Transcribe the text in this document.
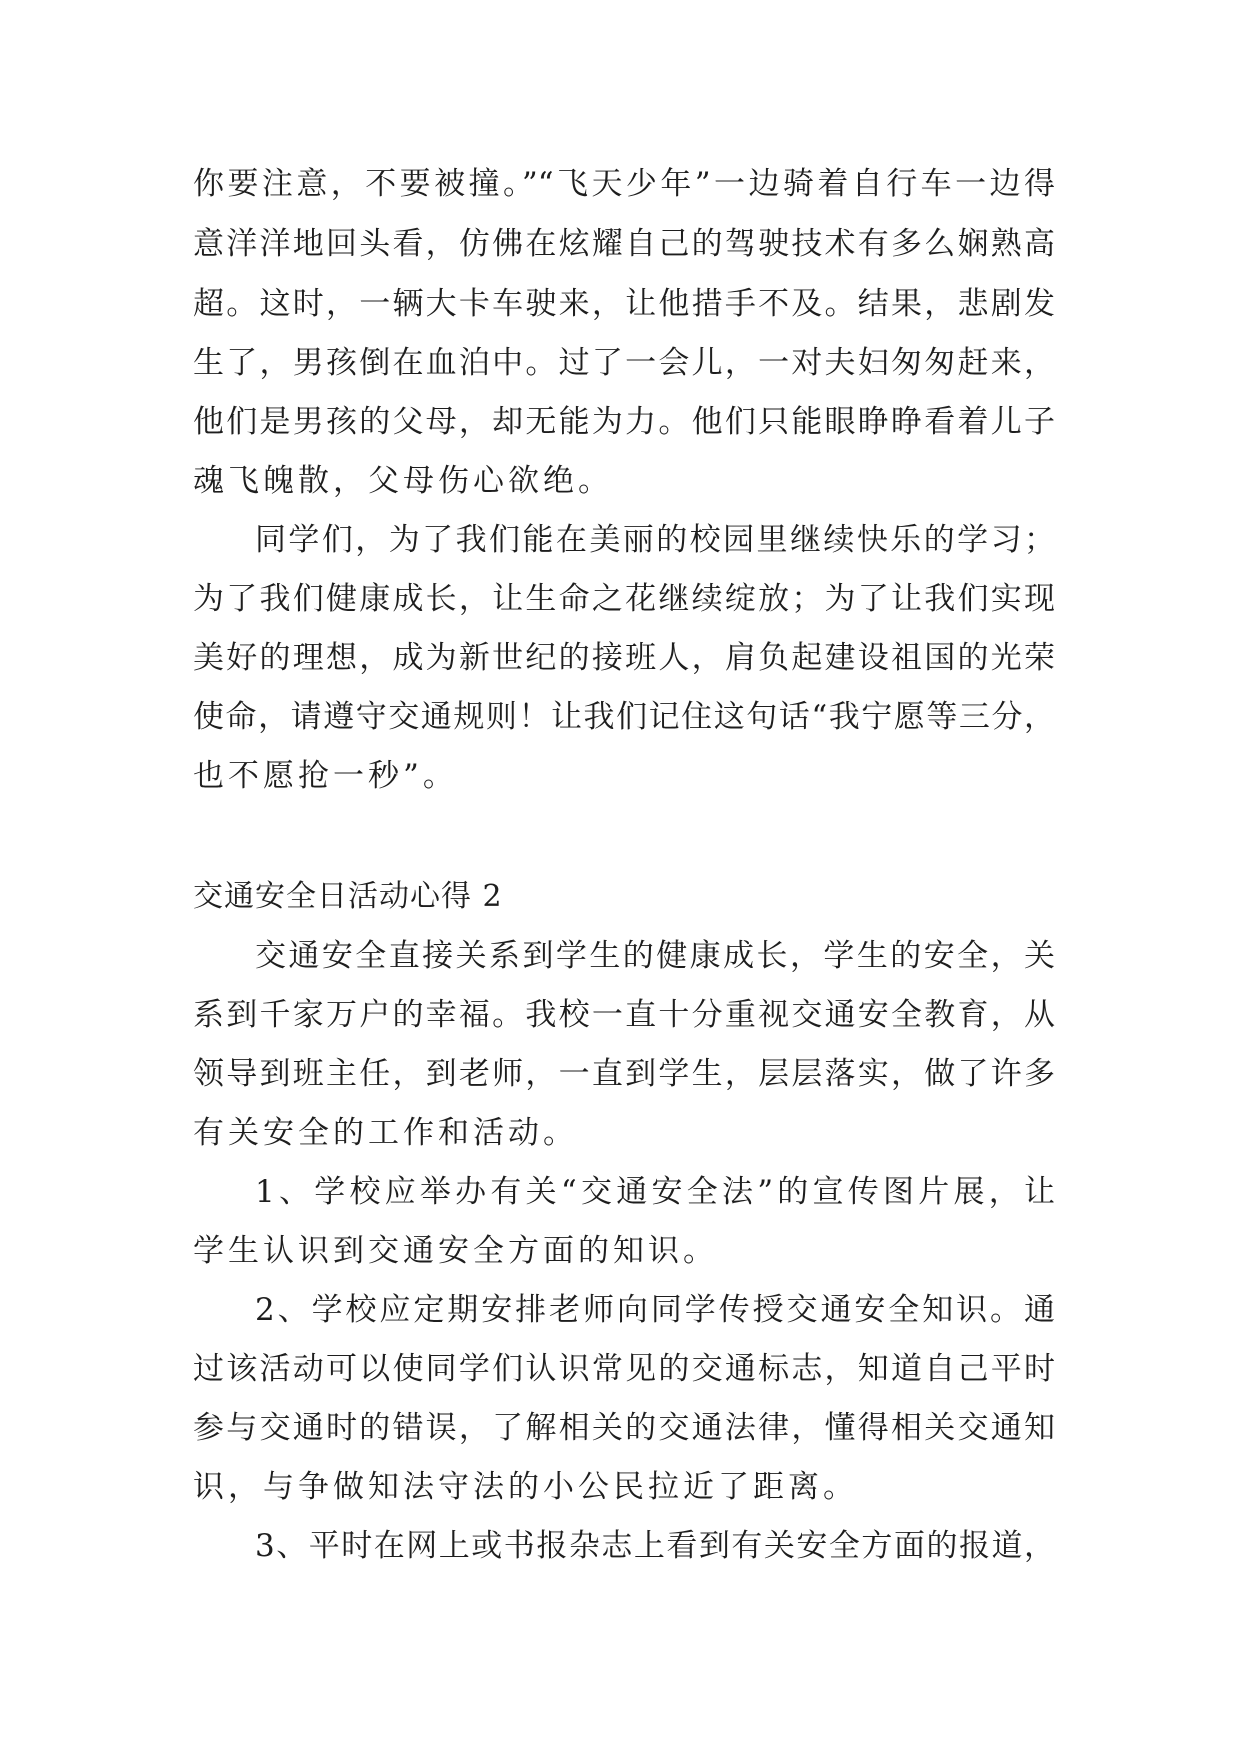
你要注意，不要被撞。”“飞天少年”一边骑着自行车一边得
意洋洋地回头看，仿佛在炫耀自己的驾驶技术有多么娴熟高
超。这时，一辆大卡车驶来，让他措手不及。结果，悲剧发
生了，男孩倒在血泊中。过了一会儿，一对夫妇匆匆赶来，
他们是男孩的父母，却无能为力。他们只能眼睁睁看着儿子
魂飞魄散，父母伤心欲绝。
同学们，为了我们能在美丽的校园里继续快乐的学习；
为了我们健康成长，让生命之花继续绽放；为了让我们实现
美好的理想，成为新世纪的接班人，肩负起建设祖国的光荣
使命，请遵守交通规则！让我们记住这句话“我宁愿等三分，
也不愿抢一秒”。
交通安全日活动心得 2
交通安全直接关系到学生的健康成长，学生的安全，关
系到千家万户的幸福。我校一直十分重视交通安全教育，从
领导到班主任，到老师，一直到学生，层层落实，做了许多
有关安全的工作和活动。
1、学校应举办有关“交通安全法”的宣传图片展，让
学生认识到交通安全方面的知识。
2、学校应定期安排老师向同学传授交通安全知识。通
过该活动可以使同学们认识常见的交通标志，知道自己平时
参与交通时的错误，了解相关的交通法律，懂得相关交通知
识，与争做知法守法的小公民拉近了距离。
3、平时在网上或书报杂志上看到有关安全方面的报道，
